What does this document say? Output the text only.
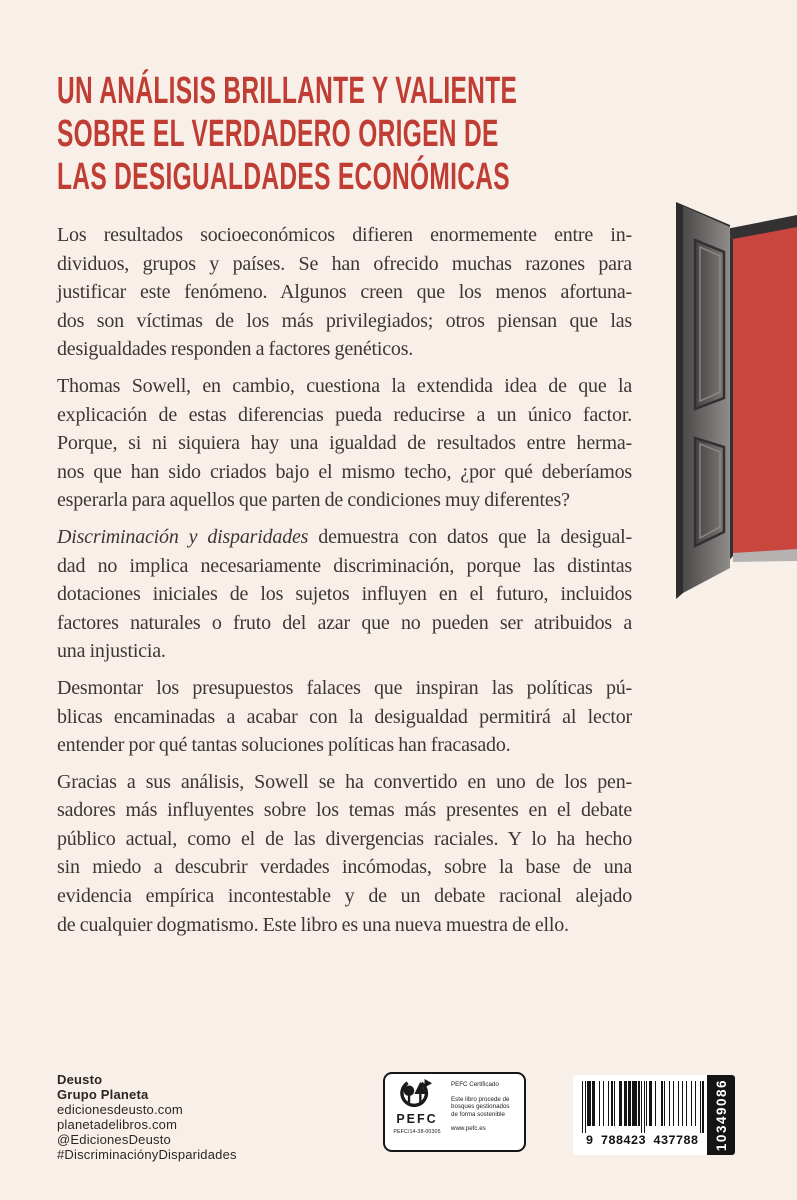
UN ANÁLISIS BRILLANTE Y VALIENTE
SOBRE EL VERDADERO ORIGEN DE
LAS DESIGUALDADES ECONÓMICAS
Los resultados socioeconómicos difieren enormemente entre in-
dividuos, grupos y países. Se han ofrecido muchas razones para
justificar este fenómeno. Algunos creen que los menos afortuna-
dos son víctimas de los más privilegiados; otros piensan que las
desigualdades responden a factores genéticos.
Thomas Sowell, en cambio, cuestiona la extendida idea de que la
explicación de estas diferencias pueda reducirse a un único factor.
Porque, si ni siquiera hay una igualdad de resultados entre herma-
nos que han sido criados bajo el mismo techo, ¿por qué deberíamos
esperarla para aquellos que parten de condiciones muy diferentes?
Discriminación y disparidades demuestra con datos que la desigual-
dad no implica necesariamente discriminación, porque las distintas
dotaciones iniciales de los sujetos influyen en el futuro, incluidos
factores naturales o fruto del azar que no pueden ser atribuidos a
una injusticia.
Desmontar los presupuestos falaces que inspiran las políticas pú-
blicas encaminadas a acabar con la desigualdad permitirá al lector
entender por qué tantas soluciones políticas han fracasado.
Gracias a sus análisis, Sowell se ha convertido en uno de los pen-
sadores más influyentes sobre los temas más presentes en el debate
público actual, como el de las divergencias raciales. Y lo ha hecho
sin miedo a descubrir verdades incómodas, sobre la base de una
evidencia empírica incontestable y de un debate racional alejado
de cualquier dogmatismo. Este libro es una nueva muestra de ello.
Deusto
Grupo Planeta
edicionesdeusto.com
planetadelibros.com
@EdicionesDeusto
#DiscriminaciónyDisparidades
PEFC
PEFC/14-38-00305
PEFC Certificado
Este libro procede de
bosques gestionados
de forma sostenible
www.pefc.es
9 788423 437788	10349086
